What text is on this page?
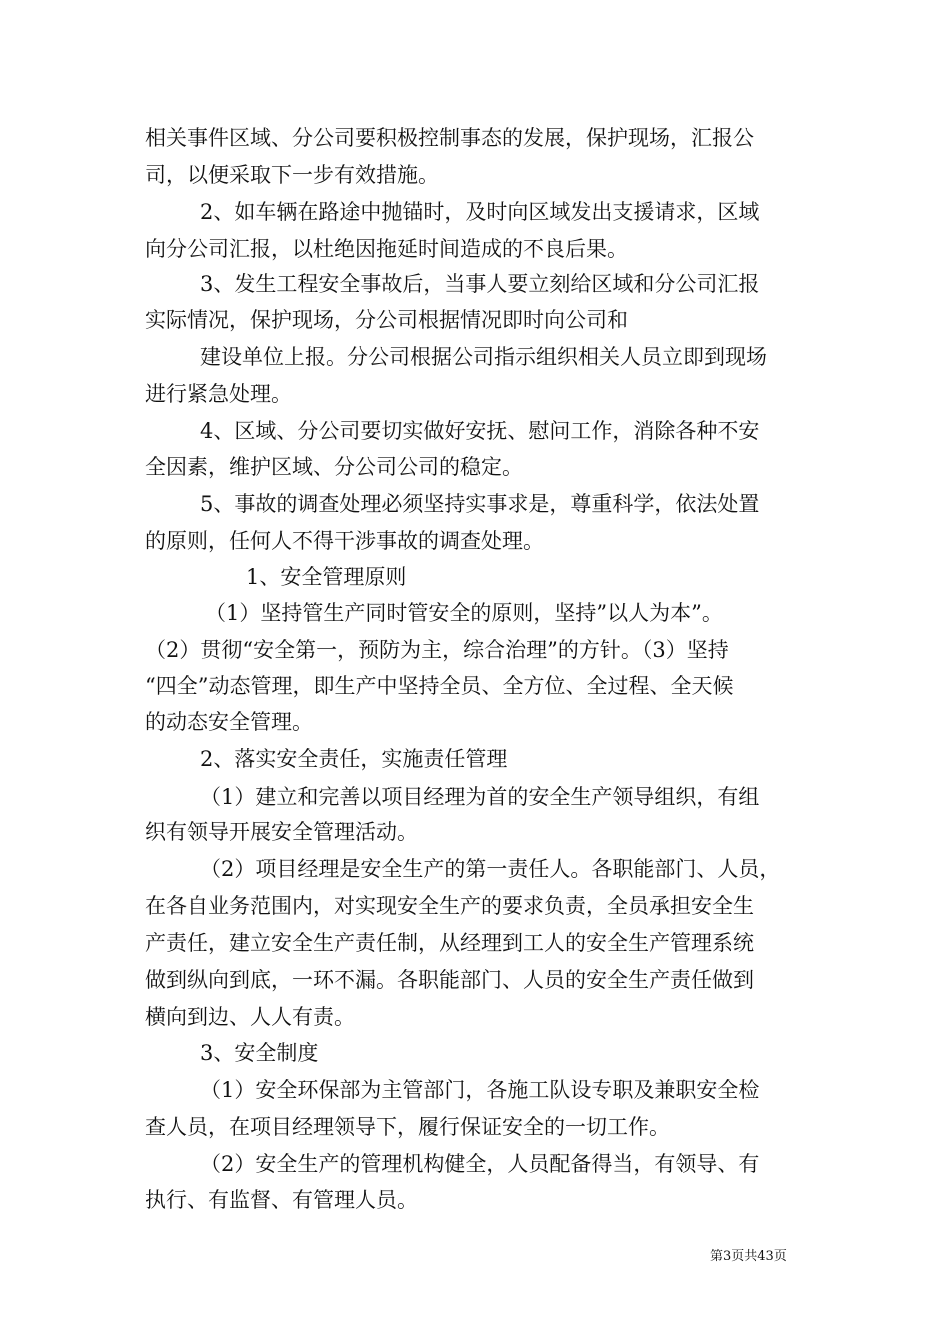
相关事件区域、分公司要积极控制事态的发展，保护现场，汇报公
司，以便采取下一步有效措施。
2、如车辆在路途中抛锚时，及时向区域发出支援请求，区域
向分公司汇报，以杜绝因拖延时间造成的不良后果。
3、发生工程安全事故后，当事人要立刻给区域和分公司汇报
实际情况，保护现场，分公司根据情况即时向公司和
建设单位上报。分公司根据公司指示组织相关人员立即到现场
进行紧急处理。
4、区域、分公司要切实做好安抚、慰问工作，消除各种不安
全因素，维护区域、分公司公司的稳定。
5、事故的调查处理必须坚持实事求是，尊重科学，依法处置
的原则，任何人不得干涉事故的调查处理。
1、安全管理原则
（1）坚持管生产同时管安全的原则，坚持”以人为本”。
（2）贯彻“安全第一，预防为主，综合治理”的方针。（3）坚持
“四全”动态管理，即生产中坚持全员、全方位、全过程、全天候
的动态安全管理。
2、落实安全责任，实施责任管理
（1）建立和完善以项目经理为首的安全生产领导组织，有组
织有领导开展安全管理活动。
（2）项目经理是安全生产的第一责任人。各职能部门、人员，
在各自业务范围内，对实现安全生产的要求负责，全员承担安全生
产责任，建立安全生产责任制，从经理到工人的安全生产管理系统
做到纵向到底，一环不漏。各职能部门、人员的安全生产责任做到
横向到边、人人有责。
3、安全制度
（1）安全环保部为主管部门，各施工队设专职及兼职安全检
查人员，在项目经理领导下，履行保证安全的一切工作。
（2）安全生产的管理机构健全，人员配备得当，有领导、有
执行、有监督、有管理人员。
第3页共43页
